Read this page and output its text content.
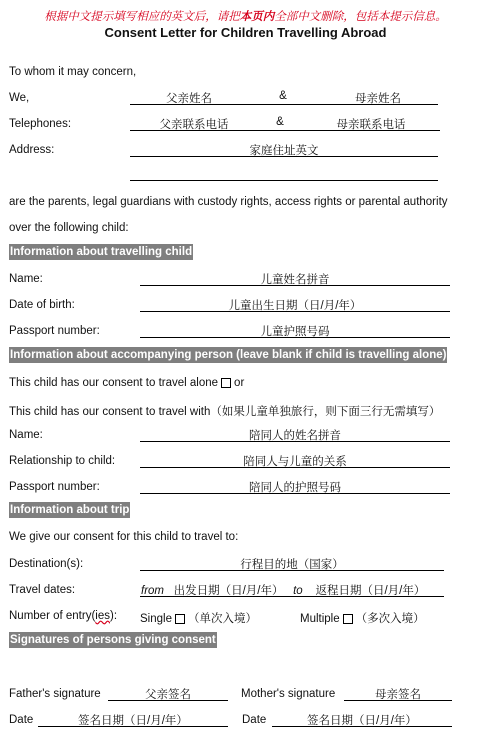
根据中文提示填写相应的英文后，请把本页内全部中文删除，包括本提示信息。
Consent Letter for Children Travelling Abroad
To whom it may concern,
We,	父亲姓名	&	母亲姓名
Telephones:	父亲联系电话	&	母亲联系电话
Address:	家庭住址英文
are the parents, legal guardians with custody rights, access rights or parental authority
over the following child:
Information about travelling child
Name:	儿童姓名拼音
Date of birth:	儿童出生日期（日/月/年）
Passport number:	儿童护照号码
Information about accompanying person (leave blank if child is travelling alone)
This child has our consent to travel alone or
This child has our consent to travel with（如果儿童单独旅行，则下面三行无需填写）
Name:	陪同人的姓名拼音
Relationship to child:	陪同人与儿童的关系
Passport number:	陪同人的护照号码
Information about trip
We give our consent for this child to travel to:
Destination(s):	行程目的地（国家）
Travel dates:	from 出发日期（日/月/年） to 返程日期（日/月/年）
Number of entry(ies): Single （单次入境）	Multiple （多次入境）
Signatures of persons giving consent
Father's signature	父亲签名	Mother's signature	母亲签名
Date	签名日期（日/月/年）	Date	签名日期（日/月/年）
